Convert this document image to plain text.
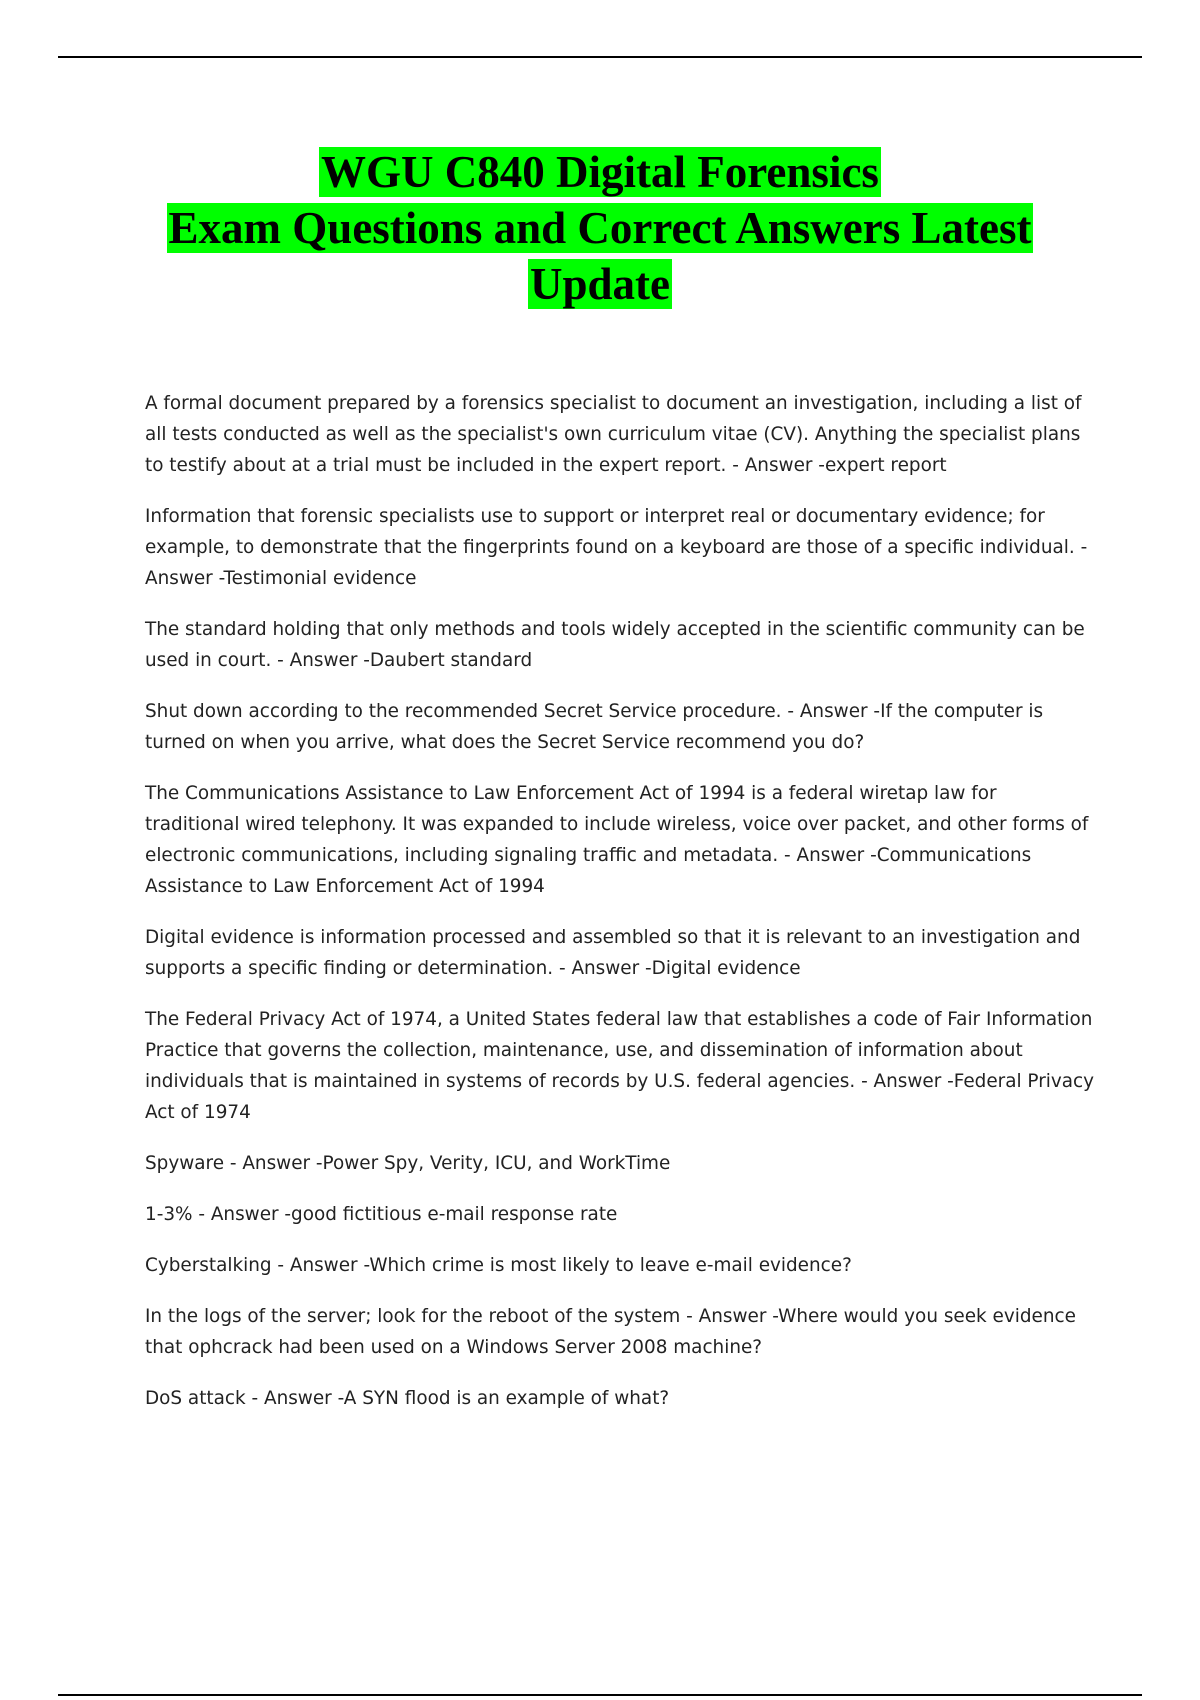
WGU C840 Digital Forensics
Exam Questions and Correct Answers Latest
Update

A formal document prepared by a forensics specialist to document an investigation, including a list of all tests conducted as well as the specialist's own curriculum vitae (CV). Anything the specialist plans to testify about at a trial must be included in the expert report. - Answer -expert report

Information that forensic specialists use to support or interpret real or documentary evidence; for example, to demonstrate that the fingerprints found on a keyboard are those of a specific individual. - Answer -Testimonial evidence

The standard holding that only methods and tools widely accepted in the scientific community can be used in court. - Answer -Daubert standard

Shut down according to the recommended Secret Service procedure. - Answer -If the computer is turned on when you arrive, what does the Secret Service recommend you do?

The Communications Assistance to Law Enforcement Act of 1994 is a federal wiretap law for traditional wired telephony. It was expanded to include wireless, voice over packet, and other forms of electronic communications, including signaling traffic and metadata. - Answer -Communications Assistance to Law Enforcement Act of 1994

Digital evidence is information processed and assembled so that it is relevant to an investigation and supports a specific finding or determination. - Answer -Digital evidence

The Federal Privacy Act of 1974, a United States federal law that establishes a code of Fair Information Practice that governs the collection, maintenance, use, and dissemination of information about individuals that is maintained in systems of records by U.S. federal agencies. - Answer -Federal Privacy Act of 1974

Spyware - Answer -Power Spy, Verity, ICU, and WorkTime

1-3% - Answer -good fictitious e-mail response rate

Cyberstalking - Answer -Which crime is most likely to leave e-mail evidence?

In the logs of the server; look for the reboot of the system - Answer -Where would you seek evidence that ophcrack had been used on a Windows Server 2008 machine?

DoS attack - Answer -A SYN flood is an example of what?
